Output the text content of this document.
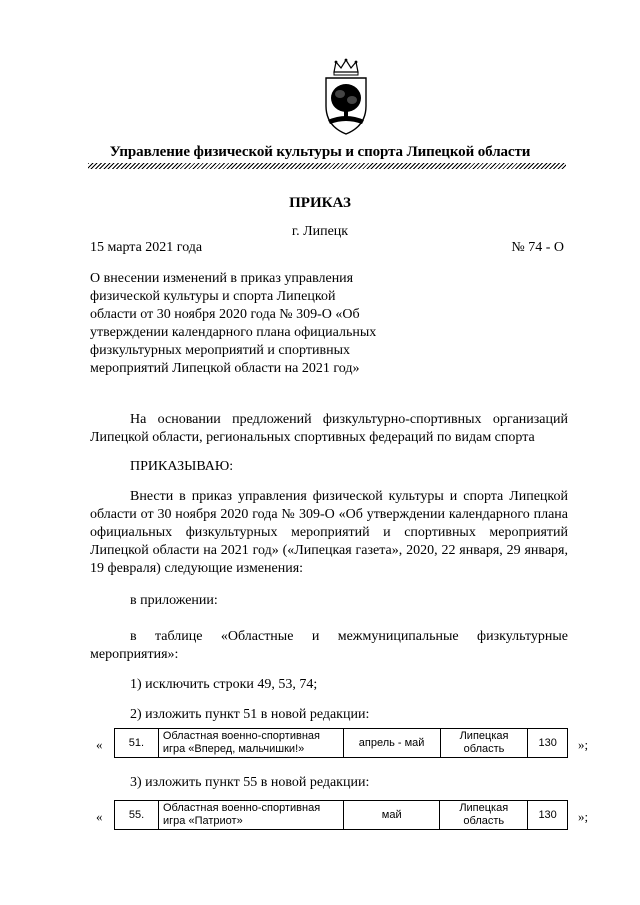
Управление физической культуры и спорта Липецкой области
ПРИКАЗ
г. Липецк
15 марта 2021 года	№ 74 - О
О внесении изменений в приказ управления физической культуры и спорта Липецкой области от 30 ноября 2020 года № 309-О «Об утверждении календарного плана официальных физкультурных мероприятий и спортивных мероприятий Липецкой области на 2021 год»
На основании предложений физкультурно-спортивных организаций Липецкой области, региональных спортивных федераций по видам спорта
ПРИКАЗЫВАЮ:
Внести в приказ управления физической культуры и спорта Липецкой области от 30 ноября 2020 года № 309-О «Об утверждении календарного плана официальных физкультурных мероприятий и спортивных мероприятий Липецкой области на 2021 год» («Липецкая газета», 2020, 22 января, 29 января, 19 февраля) следующие изменения:
в приложении:
в таблице «Областные и межмуниципальные физкультурные мероприятия»:
1) исключить строки 49, 53, 74;
2) изложить пункт 51 в новой редакции:
« 51.	Областная военно-спортивная игра «Вперед, мальчишки!»	апрель - май	Липецкая область	130 »;
3) изложить пункт 55 в новой редакции:
« 55.	Областная военно-спортивная игра «Патриот»	май	Липецкая область	130 »;
